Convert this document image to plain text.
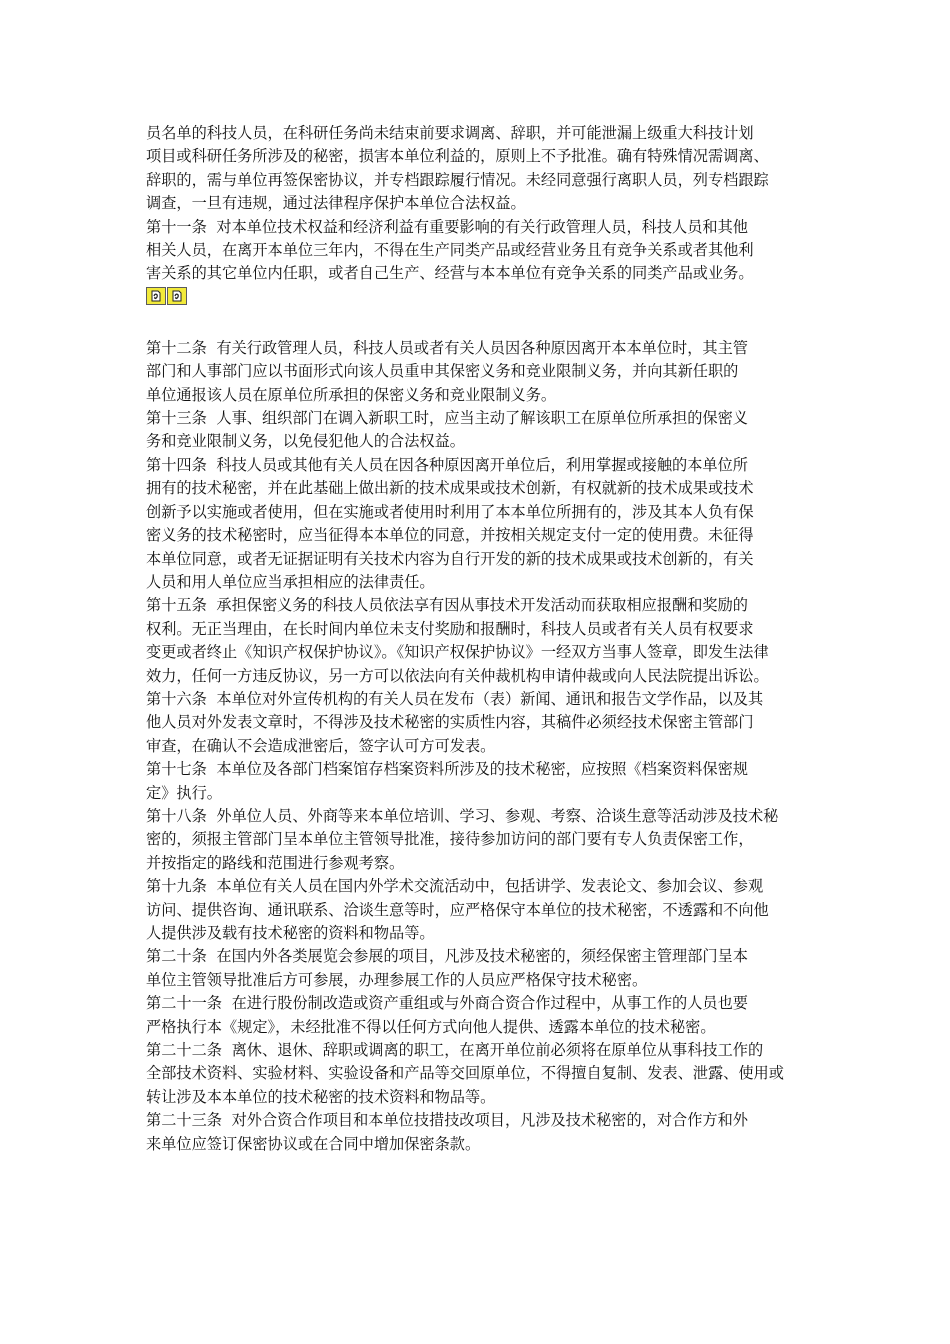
员名单的科技人员，在科研任务尚未结束前要求调离、辞职，并可能泄漏上级重大科技计划
项目或科研任务所涉及的秘密，损害本单位利益的，原则上不予批准。确有特殊情况需调离、
辞职的，需与单位再签保密协议，并专档跟踪履行情况。未经同意强行离职人员，列专档跟踪
调查，一旦有违规，通过法律程序保护本单位合法权益。

第十一条  对本单位技术权益和经济利益有重要影响的有关行政管理人员，科技人员和其他
相关人员，在离开本单位三年内，不得在生产同类产品或经营业务且有竞争关系或者其他利
害关系的其它单位内任职，或者自己生产、经营与本本单位有竞争关系的同类产品或业务。

第十二条  有关行政管理人员，科技人员或者有关人员因各种原因离开本本单位时，其主管
部门和人事部门应以书面形式向该人员重申其保密义务和竞业限制义务，并向其新任职的
单位通报该人员在原单位所承担的保密义务和竞业限制义务。

第十三条  人事、组织部门在调入新职工时，应当主动了解该职工在原单位所承担的保密义
务和竞业限制义务，以免侵犯他人的合法权益。

第十四条  科技人员或其他有关人员在因各种原因离开单位后，利用掌握或接触的本单位所
拥有的技术秘密，并在此基础上做出新的技术成果或技术创新，有权就新的技术成果或技术
创新予以实施或者使用，但在实施或者使用时利用了本本单位所拥有的，涉及其本人负有保
密义务的技术秘密时，应当征得本本单位的同意，并按相关规定支付一定的使用费。未征得
本单位同意，或者无证据证明有关技术内容为自行开发的新的技术成果或技术创新的，有关
人员和用人单位应当承担相应的法律责任。

第十五条  承担保密义务的科技人员依法享有因从事技术开发活动而获取相应报酬和奖励的
权利。无正当理由，在长时间内单位未支付奖励和报酬时，科技人员或者有关人员有权要求
变更或者终止《知识产权保护协议》。《知识产权保护协议》一经双方当事人签章，即发生法律
效力，任何一方违反协议，另一方可以依法向有关仲裁机构申请仲裁或向人民法院提出诉讼。

第十六条  本单位对外宣传机构的有关人员在发布（表）新闻、通讯和报告文学作品，以及其
他人员对外发表文章时，不得涉及技术秘密的实质性内容，其稿件必须经技术保密主管部门
审查，在确认不会造成泄密后，签字认可方可发表。

第十七条  本单位及各部门档案馆存档案资料所涉及的技术秘密，应按照《档案资料保密规
定》执行。

第十八条  外单位人员、外商等来本单位培训、学习、参观、考察、洽谈生意等活动涉及技术秘
密的，须报主管部门呈本单位主管领导批准，接待参加访问的部门要有专人负责保密工作，
并按指定的路线和范围进行参观考察。

第十九条  本单位有关人员在国内外学术交流活动中，包括讲学、发表论文、参加会议、参观
访问、提供咨询、通讯联系、洽谈生意等时，应严格保守本单位的技术秘密，不透露和不向他
人提供涉及载有技术秘密的资料和物品等。

第二十条  在国内外各类展览会参展的项目，凡涉及技术秘密的，须经保密主管理部门呈本
单位主管领导批准后方可参展，办理参展工作的人员应严格保守技术秘密。

第二十一条  在进行股份制改造或资产重组或与外商合资合作过程中，从事工作的人员也要
严格执行本《规定》，未经批准不得以任何方式向他人提供、透露本单位的技术秘密。

第二十二条  离休、退休、辞职或调离的职工，在离开单位前必须将在原单位从事科技工作的
全部技术资料、实验材料、实验设备和产品等交回原单位，不得擅自复制、发表、泄露、使用或
转让涉及本本单位的技术秘密的技术资料和物品等。

第二十三条  对外合资合作项目和本单位技措技改项目，凡涉及技术秘密的，对合作方和外
来单位应签订保密协议或在合同中增加保密条款。
